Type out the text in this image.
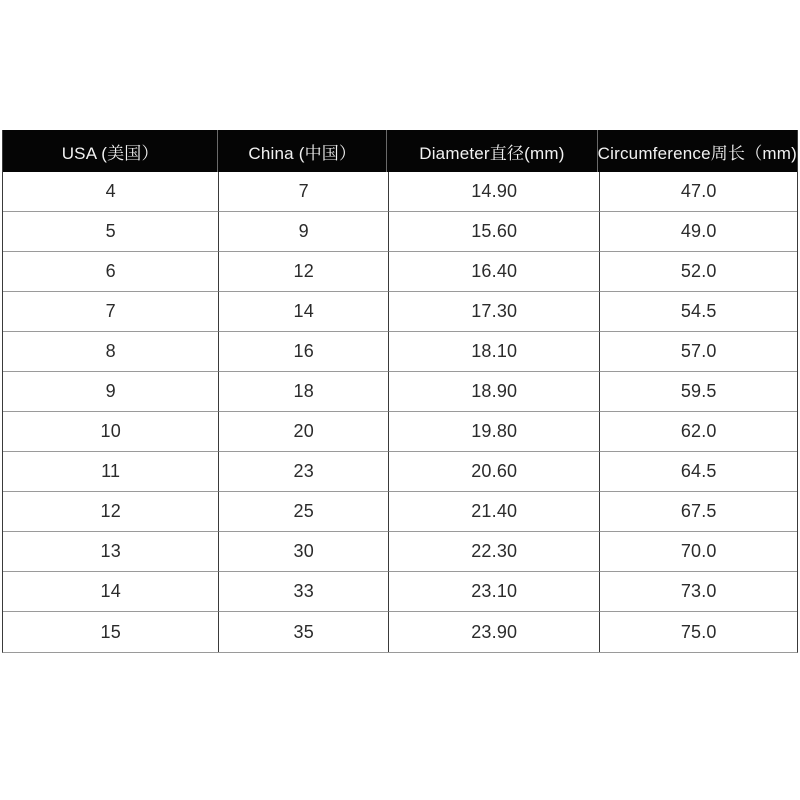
USA (美国）	China (中国）	Diameter直径(mm)	Circumference周长（mm)
4	7	14.90	47.0
5	9	15.60	49.0
6	12	16.40	52.0
7	14	17.30	54.5
8	16	18.10	57.0
9	18	18.90	59.5
10	20	19.80	62.0
11	23	20.60	64.5
12	25	21.40	67.5
13	30	22.30	70.0
14	33	23.10	73.0
15	35	23.90	75.0
